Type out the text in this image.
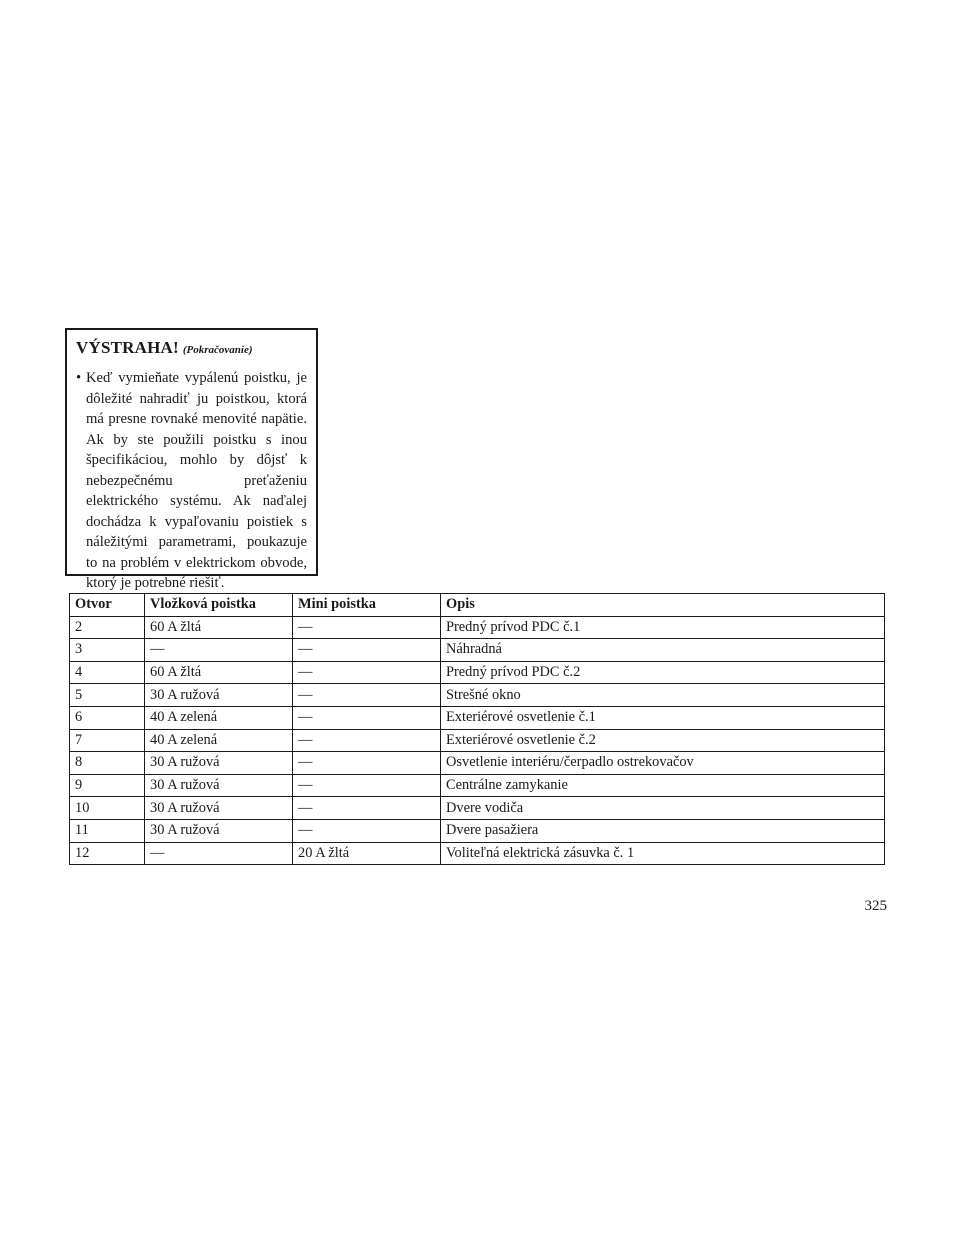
VÝSTRAHA! (Pokračovanie)
• Keď vymieňate vypálenú poistku, je dôležité nahradiť ju poistkou, ktorá má presne rovnaké menovité napätie. Ak by ste použili poistku s inou špecifikáciou, mohlo by dôjsť k nebezpečnému preťaženiu elektrického systému. Ak naďalej dochádza k vypaľovaniu poistiek s náležitými parametrami, poukazuje to na problém v elektrickom obvode, ktorý je potrebné riešiť.
Otvor	Vložková poistka	Mini poistka	Opis
2	60 A žltá	—	Predný prívod PDC č.1
3	—	—	Náhradná
4	60 A žltá	—	Predný prívod PDC č.2
5	30 A ružová	—	Strešné okno
6	40 A zelená	—	Exteriérové osvetlenie č.1
7	40 A zelená	—	Exteriérové osvetlenie č.2
8	30 A ružová	—	Osvetlenie interiéru/čerpadlo ostrekovačov
9	30 A ružová	—	Centrálne zamykanie
10	30 A ružová	—	Dvere vodiča
11	30 A ružová	—	Dvere pasažiera
12	—	20 A žltá	Voliteľná elektrická zásuvka č. 1
325
